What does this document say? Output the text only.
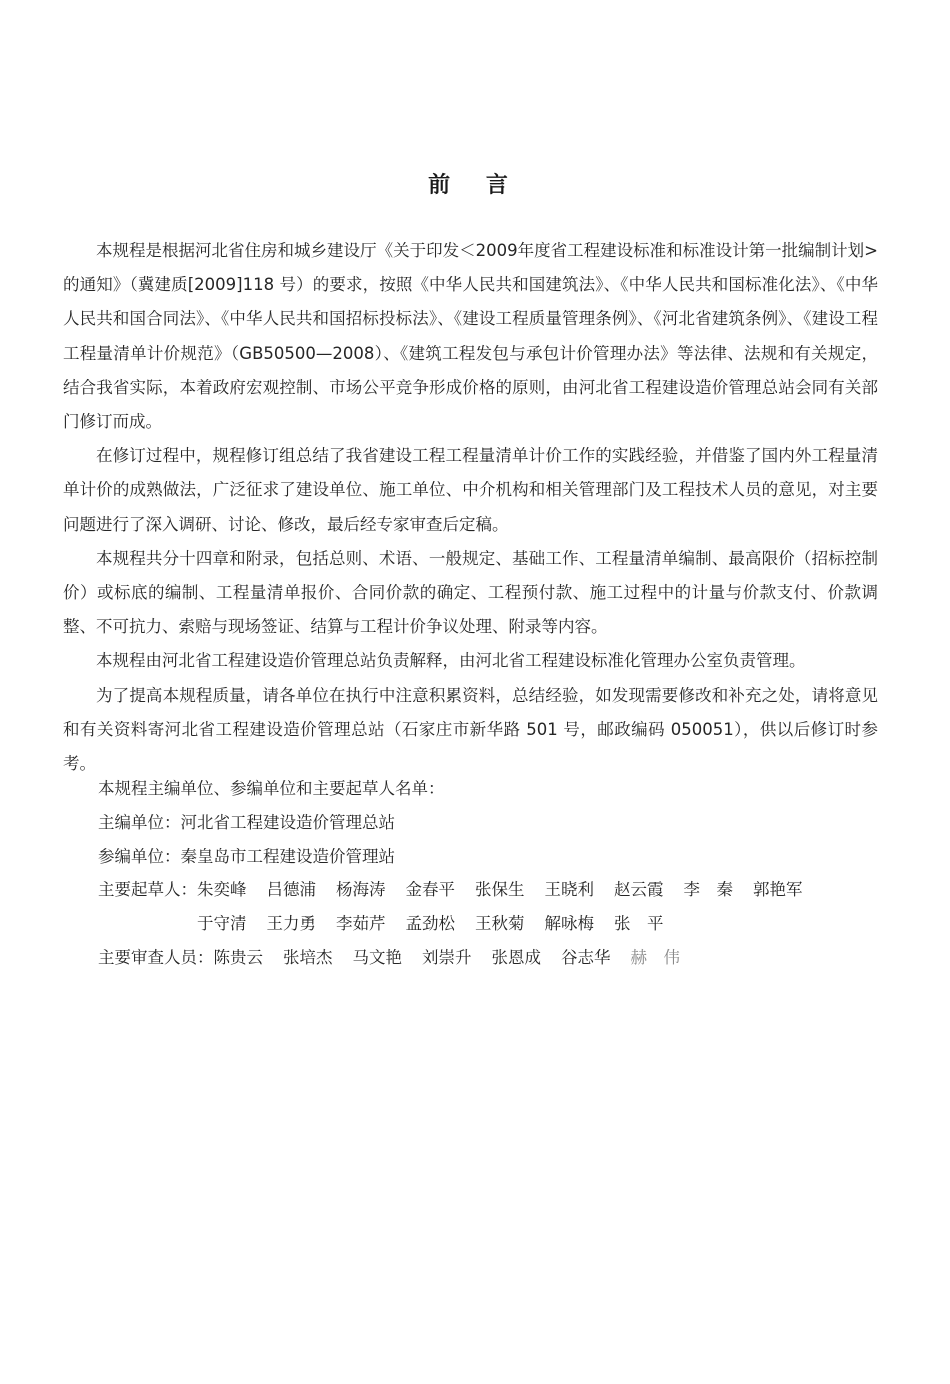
前 言

本规程是根据河北省住房和城乡建设厅《关于印发＜2009年度省工程建设标准和标准设计第一批编制计划>的通知》（冀建质[2009]118 号）的要求，按照《中华人民共和国建筑法》、《中华人民共和国标准化法》、《中华人民共和国合同法》、《中华人民共和国招标投标法》、《建设工程质量管理条例》、《河北省建筑条例》、《建设工程工程量清单计价规范》（GB50500—2008）、《建筑工程发包与承包计价管理办法》等法律、法规和有关规定，结合我省实际，本着政府宏观控制、市场公平竞争形成价格的原则，由河北省工程建设造价管理总站会同有关部门修订而成。

在修订过程中，规程修订组总结了我省建设工程工程量清单计价工作的实践经验，并借鉴了国内外工程量清单计价的成熟做法，广泛征求了建设单位、施工单位、中介机构和相关管理部门及工程技术人员的意见，对主要问题进行了深入调研、讨论、修改，最后经专家审查后定稿。

本规程共分十四章和附录，包括总则、术语、一般规定、基础工作、工程量清单编制、最高限价（招标控制价）或标底的编制、工程量清单报价、合同价款的确定、工程预付款、施工过程中的计量与价款支付、价款调整、不可抗力、索赔与现场签证、结算与工程计价争议处理、附录等内容。

本规程由河北省工程建设造价管理总站负责解释，由河北省工程建设标准化管理办公室负责管理。

为了提高本规程质量，请各单位在执行中注意积累资料，总结经验，如发现需要修改和补充之处，请将意见和有关资料寄河北省工程建设造价管理总站（石家庄市新华路 501 号，邮政编码 050051），供以后修订时参考。

本规程主编单位、参编单位和主要起草人名单：
主编单位： 河北省工程建设造价管理总站
参编单位： 秦皇岛市工程建设造价管理站
主要起草人： 朱奕峰 吕德浦 杨海涛 金春平 张保生 王晓利 赵云霞 李　秦 郭艳军
于守清 王力勇 李茹芹 孟劲松 王秋菊 解咏梅 张　平
主要审查人员： 陈贵云 张培杰 马文艳 刘崇升 张恩成 谷志华 赫　伟
